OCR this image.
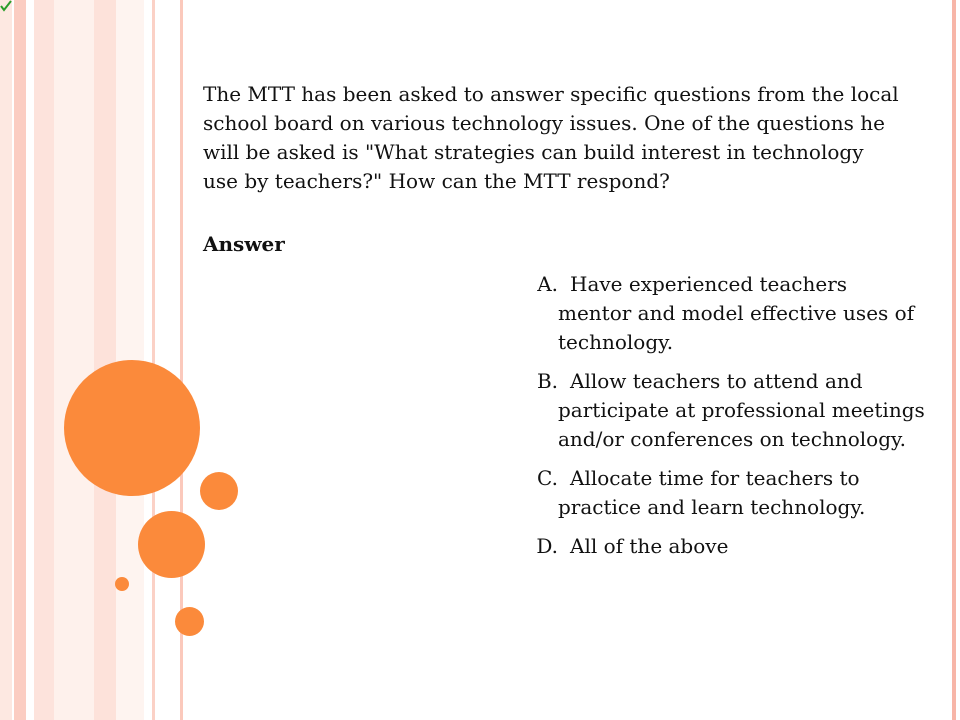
The MTT has been asked to answer specific questions from the local school board on various technology issues. One of the questions he will be asked is "What strategies can build interest in technology use by teachers?" How can the MTT respond?

Answer

A. Have experienced teachers mentor and model effective uses of technology.
B. Allow teachers to attend and participate at professional meetings and/or conferences on technology.
C. Allocate time for teachers to practice and learn technology.
D. All of the above
